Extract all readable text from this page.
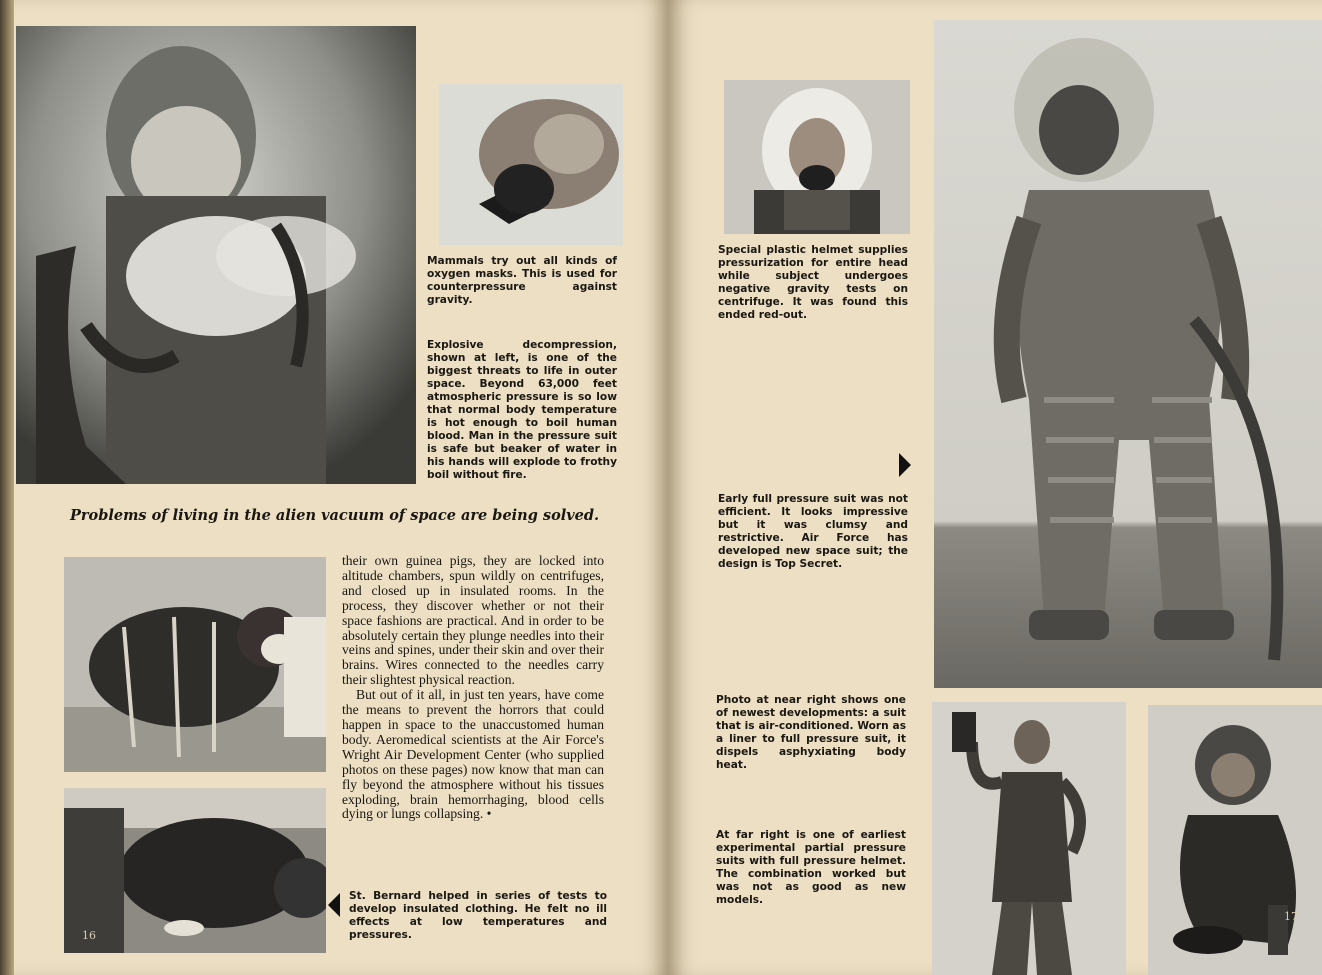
Mammals try out all kinds of oxygen masks. This is used for counterpressure against gravity.
Explosive decompression, shown at left, is one of the biggest threats to life in outer space. Beyond 63,000 feet atmospheric pressure is so low that normal body temperature is hot enough to boil human blood. Man in the pressure suit is safe but beaker of water in his hands will explode to frothy boil without fire.
Problems of living in the alien vacuum of space are being solved.
16

their own guinea pigs, they are locked into altitude chambers, spun wildly on centrifuges, and closed up in insulated rooms. In the process, they discover whether or not their space fashions are practical. And in order to be absolutely certain they plunge needles into their veins and spines, under their skin and over their brains. Wires connected to the needles carry their slightest physical reaction.

But out of it all, in just ten years, have come the means to prevent the horrors that could happen in space to the unaccustomed human body. Aeromedical scientists at the Air Force's Wright Air Development Center (who supplied photos on these pages) now know that man can fly beyond the atmosphere without his tissues exploding, brain hemorrhaging, blood cells dying or lungs collapsing. •

St. Bernard helped in series of tests to develop insulated clothing. He felt no ill effects at low temperatures and pressures.
Special plastic helmet supplies pressurization for entire head while subject undergoes negative gravity tests on centrifuge. It was found this ended red-out.
Early full pressure suit was not efficient. It looks impressive but it was clumsy and restrictive. Air Force has developed new space suit; the design is Top Secret.
Photo at near right shows one of newest developments: a suit that is air-conditioned. Worn as a liner to full pressure suit, it dispels asphyxiating body heat.
At far right is one of earliest experimental partial pressure suits with full pressure helmet. The combination worked but was not as good as new models.
17
